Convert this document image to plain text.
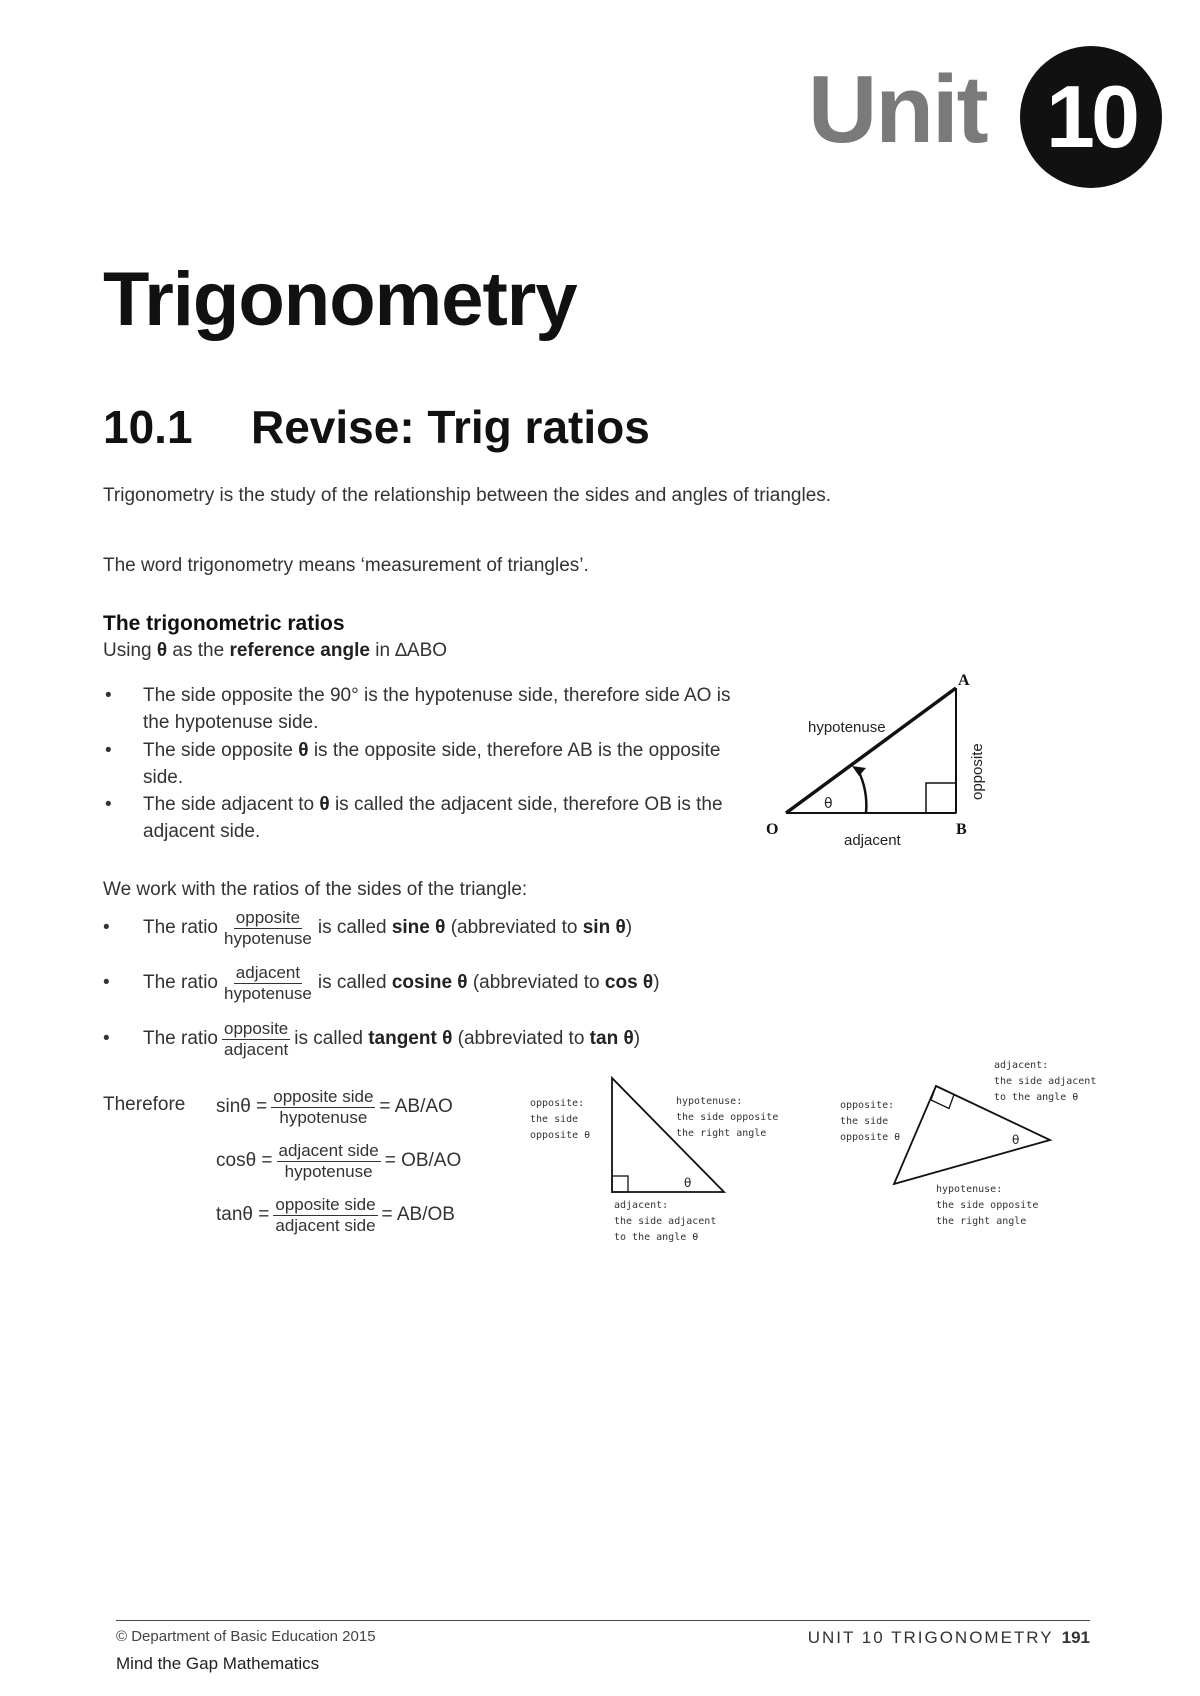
Unit 10
Trigonometry
10.1 Revise: Trig ratios
Trigonometry is the study of the relationship between the sides and angles of triangles.
The word trigonometry means ‘measurement of triangles’.
The trigonometric ratios
Using θ as the reference angle in ∆ABO
• The side opposite the 90° is the hypotenuse side, therefore side AO is the hypotenuse side.
• The side opposite θ is the opposite side, therefore AB is the opposite side.
• The side adjacent to θ is called the adjacent side, therefore OB is the adjacent side.
A
B
O
hypotenuse
adjacent
opposite
θ
We work with the ratios of the sides of the triangle:
•	The ratio $\frac{\text{opposite}}{\text{hypotenuse}}$ is called
sine θ
(abbreviated to
sin θ )
•	The ratio $\frac{\text{adjacent}}{\text{hypotenuse}}$ is called
cosine θ
(abbreviated to
cos θ )
•	The ratio $\frac{\text{opposite}}{\text{adjacent}}$ is called
tangent θ
(abbreviated to
tan θ )
Therefore $\sin\theta = \frac{\text{opposite side}}{\text{hypotenuse}} = AB/AO$
$\cos\theta = \frac{\text{adjacent side}}{\text{hypotenuse}} = OB/AO$
$\tan\theta = \frac{\text{opposite side}}{\text{adjacent side}} = AB/OB$
θ
opposite:
the side
opposite θ
hypotenuse:
the side opposite
the right angle
adjacent:
the side adjacent
to the angle θ
θ
opposite:
the side
opposite θ
adjacent:
the side adjacent
to the angle θ
hypotenuse:
the side opposite
the right angle
© Department of Basic Education 2015
Mind the Gap Mathematics
UNIT 10 TRIGONOMETRY 191
